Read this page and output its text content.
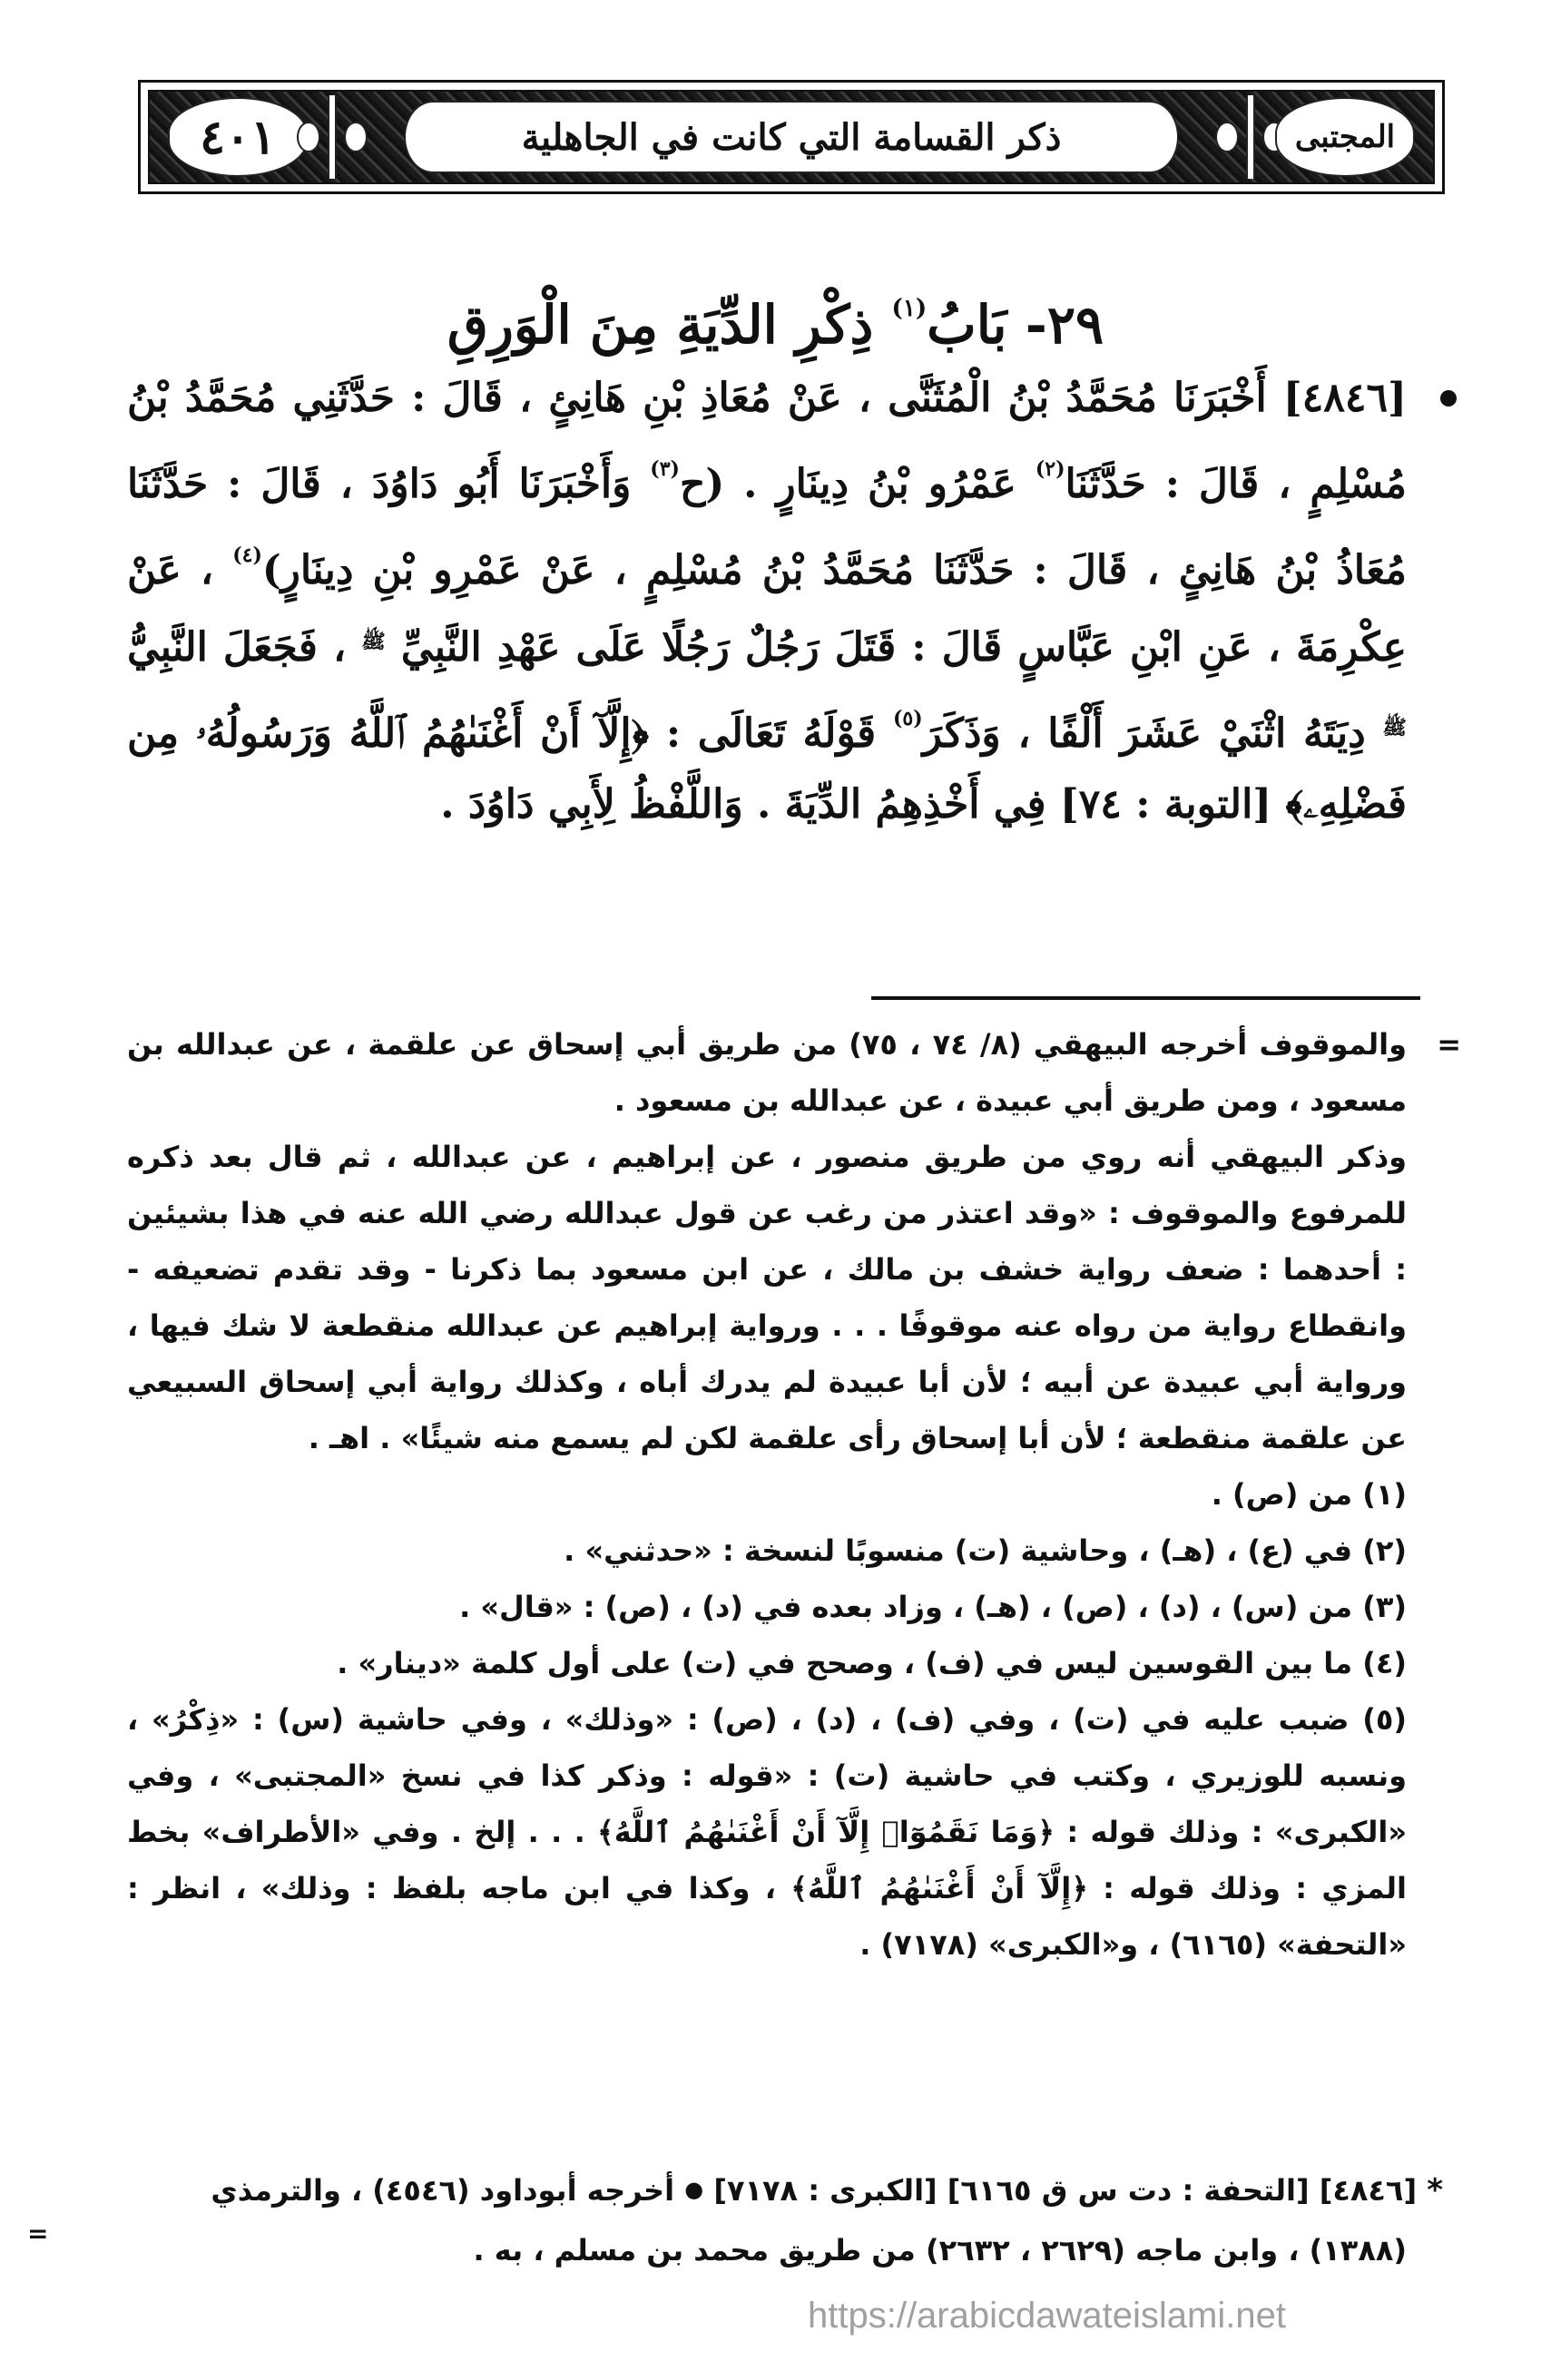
٤٠١	ذكر القسامة التي كانت في الجاهلية	المجتبى
٢٩- بَابُ$^{(١)}$ ذِكْرِ الدِّيَةِ مِنَ الْوَرِقِ

[٤٨٤٦] أَخْبَرَنَا مُحَمَّدُ بْنُ الْمُثَنَّى ، عَنْ مُعَاذِ بْنِ هَانِئٍ ، قَالَ : حَدَّثَنِي مُحَمَّدُ بْنُ مُسْلِمٍ ، قَالَ : حَدَّثَنَا$^{(٢)}$ عَمْرُو بْنُ دِينَارٍ . (ح$^{(٣)}$ وَأَخْبَرَنَا أَبُو دَاوُدَ ، قَالَ : حَدَّثَنَا مُعَاذُ بْنُ هَانِئٍ ، قَالَ : حَدَّثَنَا مُحَمَّدُ بْنُ مُسْلِمٍ ، عَنْ عَمْرِو بْنِ دِينَارٍ)$^{(٤)}$ ، عَنْ عِكْرِمَةَ ، عَنِ ابْنِ عَبَّاسٍ قَالَ : قَتَلَ رَجُلٌ رَجُلًا عَلَى عَهْدِ النَّبِيِّ $^ﷺ$ ، فَجَعَلَ النَّبِيُّ $^ﷺ$ دِيَتَهُ اثْنَيْ عَشَرَ أَلْفًا ، وَذَكَرَ$^{(٥)}$ قَوْلَهُ تَعَالَى : ﴿إِلَّآ أَنْ أَغْنَىٰهُمُ ٱللَّهُ وَرَسُولُهُۥ مِن فَضْلِهِۦ﴾ [التوبة : ٧٤] فِي أَخْذِهِمُ الدِّيَةَ . وَاللَّفْظُ لِأَبِي دَاوُدَ .

=

والموقوف أخرجه البيهقي (٨/ ٧٤ ، ٧٥) من طريق أبي إسحاق عن علقمة ، عن عبدالله بن مسعود ، ومن طريق أبي عبيدة ، عن عبدالله بن مسعود .

وذكر البيهقي أنه روي من طريق منصور ، عن إبراهيم ، عن عبدالله ، ثم قال بعد ذكره للمرفوع والموقوف : «وقد اعتذر من رغب عن قول عبدالله رضي الله عنه في هذا بشيئين : أحدهما : ضعف رواية خشف بن مالك ، عن ابن مسعود بما ذكرنا - وقد تقدم تضعيفه - وانقطاع رواية من رواه عنه موقوفًا . . . ورواية إبراهيم عن عبدالله منقطعة لا شك فيها ، ورواية أبي عبيدة عن أبيه ؛ لأن أبا عبيدة لم يدرك أباه ، وكذلك رواية أبي إسحاق السبيعي عن علقمة منقطعة ؛ لأن أبا إسحاق رأى علقمة لكن لم يسمع منه شيئًا» . اهـ .

(١) من (ص) .

(٢) في (ع) ، (هـ) ، وحاشية (ت) منسوبًا لنسخة : «حدثني» .

(٣) من (س) ، (د) ، (ص) ، (هـ) ، وزاد بعده في (د) ، (ص) : «قال» .

(٤) ما بين القوسين ليس في (ف) ، وصحح في (ت) على أول كلمة «دينار» .

(٥) ضبب عليه في (ت) ، وفي (ف) ، (د) ، (ص) : «وذلك» ، وفي حاشية (س) : «ذِكْرُ» ، ونسبه للوزيري ، وكتب في حاشية (ت) : «قوله : وذكر كذا في نسخ «المجتبى» ، وفي «الكبرى» : وذلك قوله : ﴿وَمَا نَقَمُوٓا۟ إِلَّآ أَنْ أَغْنَىٰهُمُ ٱللَّهُ﴾ . . . إلخ . وفي «الأطراف» بخط المزي : وذلك قوله : ﴿إِلَّآ أَنْ أَغْنَىٰهُمُ ٱللَّهُ﴾ ، وكذا في ابن ماجه بلفظ : وذلك» ، انظر : «التحفة» (٦١٦٥) ، و«الكبرى» (٧١٧٨) .

* [٤٨٤٦] [التحفة : دت س ق ٦١٦٥] [الكبرى : ٧١٧٨] ● أخرجه أبوداود (٤٥٤٦) ، والترمذي

(١٣٨٨) ، وابن ماجه (٢٦٢٩ ، ٢٦٣٢) من طريق محمد بن مسلم ، به .

=
https://arabicdawateislami.net
